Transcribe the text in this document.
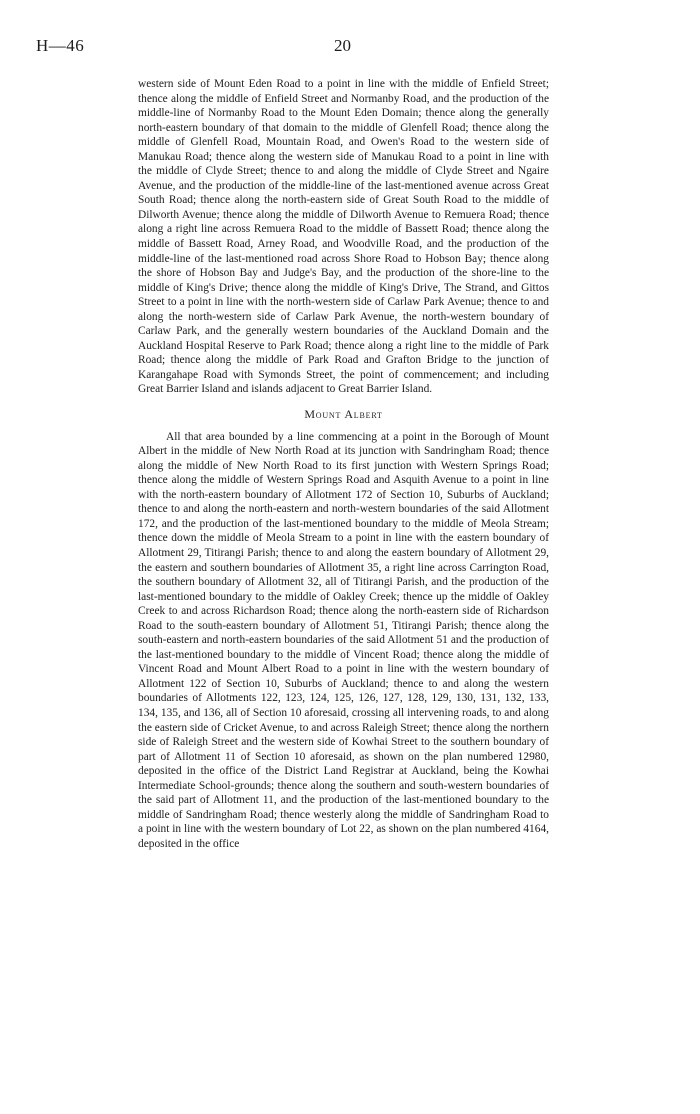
H—46	20

western side of Mount Eden Road to a point in line with the middle of Enfield Street; thence along the middle of Enfield Street and Normanby Road, and the production of the middle-line of Normanby Road to the Mount Eden Domain; thence along the generally north-eastern boundary of that domain to the middle of Glenfell Road; thence along the middle of Glenfell Road, Mountain Road, and Owen's Road to the western side of Manukau Road; thence along the western side of Manukau Road to a point in line with the middle of Clyde Street; thence to and along the middle of Clyde Street and Ngaire Avenue, and the production of the middle-line of the last-mentioned avenue across Great South Road; thence along the north-eastern side of Great South Road to the middle of Dilworth Avenue; thence along the middle of Dilworth Avenue to Remuera Road; thence along a right line across Remuera Road to the middle of Bassett Road; thence along the middle of Bassett Road, Arney Road, and Woodville Road, and the production of the middle-line of the last-mentioned road across Shore Road to Hobson Bay; thence along the shore of Hobson Bay and Judge's Bay, and the production of the shore-line to the middle of King's Drive; thence along the middle of King's Drive, The Strand, and Gittos Street to a point in line with the north-western side of Carlaw Park Avenue; thence to and along the north-western side of Carlaw Park Avenue, the north-western boundary of Carlaw Park, and the generally western boundaries of the Auckland Domain and the Auckland Hospital Reserve to Park Road; thence along a right line to the middle of Park Road; thence along the middle of Park Road and Grafton Bridge to the junction of Karangahape Road with Symonds Street, the point of commencement; and including Great Barrier Island and islands adjacent to Great Barrier Island.

Mount Albert

All that area bounded by a line commencing at a point in the Borough of Mount Albert in the middle of New North Road at its junction with Sandringham Road; thence along the middle of New North Road to its first junction with Western Springs Road; thence along the middle of Western Springs Road and Asquith Avenue to a point in line with the north-eastern boundary of Allotment 172 of Section 10, Suburbs of Auckland; thence to and along the north-eastern and north-western boundaries of the said Allotment 172, and the production of the last-mentioned boundary to the middle of Meola Stream; thence down the middle of Meola Stream to a point in line with the eastern boundary of Allotment 29, Titirangi Parish; thence to and along the eastern boundary of Allotment 29, the eastern and southern boundaries of Allotment 35, a right line across Carrington Road, the southern boundary of Allotment 32, all of Titirangi Parish, and the production of the last-mentioned boundary to the middle of Oakley Creek; thence up the middle of Oakley Creek to and across Richardson Road; thence along the north-eastern side of Richardson Road to the south-eastern boundary of Allotment 51, Titirangi Parish; thence along the south-eastern and north-eastern boundaries of the said Allotment 51 and the production of the last-mentioned boundary to the middle of Vincent Road; thence along the middle of Vincent Road and Mount Albert Road to a point in line with the western boundary of Allotment 122 of Section 10, Suburbs of Auckland; thence to and along the western boundaries of Allotments 122, 123, 124, 125, 126, 127, 128, 129, 130, 131, 132, 133, 134, 135, and 136, all of Section 10 aforesaid, crossing all intervening roads, to and along the eastern side of Cricket Avenue, to and across Raleigh Street; thence along the northern side of Raleigh Street and the western side of Kowhai Street to the southern boundary of part of Allotment 11 of Section 10 aforesaid, as shown on the plan numbered 12980, deposited in the office of the District Land Registrar at Auckland, being the Kowhai Intermediate School-grounds; thence along the southern and south-western boundaries of the said part of Allotment 11, and the production of the last-mentioned boundary to the middle of Sandringham Road; thence westerly along the middle of Sandringham Road to a point in line with the western boundary of Lot 22, as shown on the plan numbered 4164, deposited in the office
